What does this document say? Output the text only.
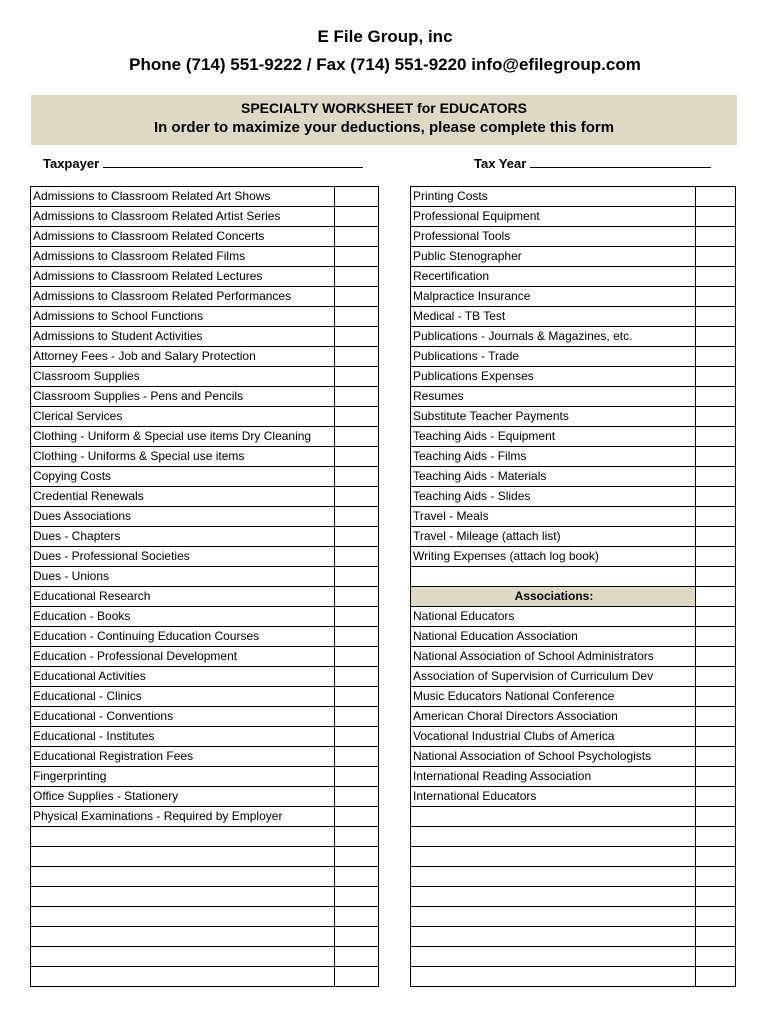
E File Group, inc
Phone (714) 551-9222 / Fax (714) 551-9220 info@efilegroup.com
SPECIALTY WORKSHEET for EDUCATORS
In order to maximize your deductions, please complete this form
Taxpayer	Tax Year
Admissions to Classroom Related Art Shows	
Admissions to Classroom Related Artist Series	
Admissions to Classroom Related Concerts	
Admissions to Classroom Related Films	
Admissions to Classroom Related Lectures	
Admissions to Classroom Related Performances	
Admissions to School Functions	
Admissions to Student Activities	
Attorney Fees - Job and Salary Protection	
Classroom Supplies	
Classroom Supplies - Pens and Pencils	
Clerical Services	
Clothing - Uniform & Special use items Dry Cleaning	
Clothing - Uniforms & Special use items	
Copying Costs	
Credential Renewals	
Dues Associations	
Dues - Chapters	
Dues - Professional Societies	
Dues - Unions	
Educational Research	
Education - Books	
Education - Continuing Education Courses	
Education - Professional Development	
Educational Activities	
Educational - Clinics	
Educational - Conventions	
Educational - Institutes	
Educational Registration Fees	
Fingerprinting	
Office Supplies - Stationery	
Physical Examinations - Required by Employer	

Printing Costs	
Professional Equipment	
Professional Tools	
Public Stenographer	
Recertification	
Malpractice Insurance	
Medical - TB Test	
Publications - Journals & Magazines, etc.	
Publications - Trade	
Publications Expenses	
Resumes	
Substitute Teacher Payments	
Teaching Aids - Equipment	
Teaching Aids - Films	
Teaching Aids - Materials	
Teaching Aids - Slides	
Travel - Meals	
Travel - Mileage (attach list)	
Writing Expenses (attach log book)	

Associations:	
National Educators	
National Education Association	
National Association of School Administrators	
Association of Supervision of Curriculum Dev	
Music Educators National Conference	
American Choral Directors Association	
Vocational Industrial Clubs of America	
National Association of School Psychologists	
International Reading Association	
International Educators	
